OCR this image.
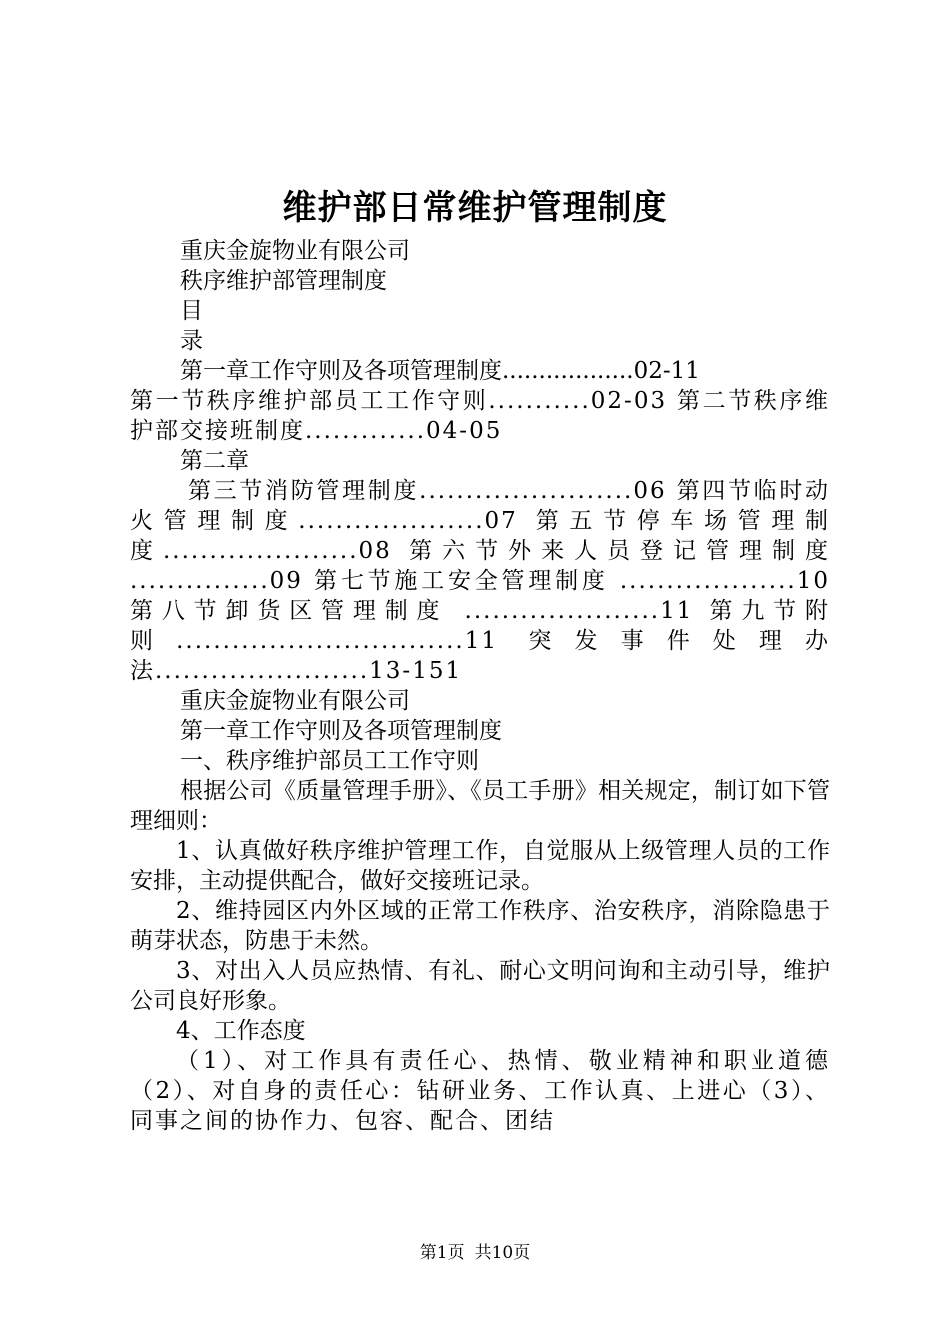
维护部日常维护管理制度

重庆金旋物业有限公司

秩序维护部管理制度

目

录

第一章工作守则及各项管理制度..................02-11

第一节秩序维护部员工工作守则...........02-03 第二节秩序维护部交接班制度.............04-05

第二章

第三节消防管理制度.......................06 第四节临时动火管理制度....................07 第五节停车场管理制度.....................08 第六节外来人员登记管理制度 ...............09 第七节施工安全管理制度 ...................10 第八节卸货区管理制度 .....................11 第九节附则...............................11 突发事件处理办法.......................13-151

重庆金旋物业有限公司

第一章工作守则及各项管理制度

一、秩序维护部员工工作守则

根据公司《质量管理手册》、《员工手册》相关规定，制订如下管理细则：

1、认真做好秩序维护管理工作，自觉服从上级管理人员的工作安排，主动提供配合，做好交接班记录。

2、维持园区内外区域的正常工作秩序、治安秩序，消除隐患于萌芽状态，防患于未然。

3、对出入人员应热情、有礼、耐心文明问询和主动引导，维护公司良好形象。

4、工作态度

（1）、对工作具有责任心、热情、敬业精神和职业道德（2）、对自身的责任心：钻研业务、工作认真、上进心（3）、同事之间的协作力、包容、配合、团结

第1页 共10页
